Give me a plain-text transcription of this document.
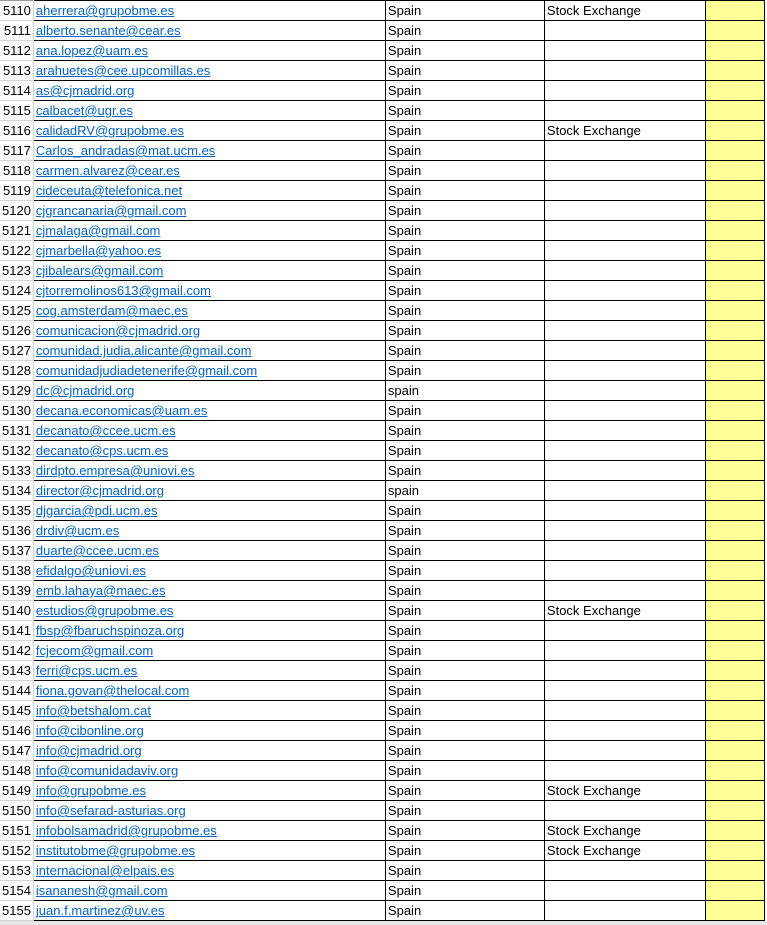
5110	aherrera@grupobme.es	Spain	Stock Exchange	
5111	alberto.senante@cear.es	Spain		
5112	ana.lopez@uam.es	Spain		
5113	arahuetes@cee.upcomillas.es	Spain		
5114	as@cjmadrid.org	Spain		
5115	calbacet@ugr.es	Spain		
5116	calidadRV@grupobme.es	Spain	Stock Exchange	
5117	Carlos_andradas@mat.ucm.es	Spain		
5118	carmen.alvarez@cear.es	Spain		
5119	cideceuta@telefonica.net	Spain		
5120	cjgrancanaria@gmail.com	Spain		
5121	cjmalaga@gmail.com	Spain		
5122	cjmarbella@yahoo.es	Spain		
5123	cjibalears@gmail.com	Spain		
5124	cjtorremolinos613@gmail.com	Spain		
5125	cog.amsterdam@maec.es	Spain		
5126	comunicacion@cjmadrid.org	Spain		
5127	comunidad.judia.alicante@gmail.com	Spain		
5128	comunidadjudiadetenerife@gmail.com	Spain		
5129	dc@cjmadrid.org	spain		
5130	decana.economicas@uam.es	Spain		
5131	decanato@ccee.ucm.es	Spain		
5132	decanato@cps.ucm.es	Spain		
5133	dirdpto.empresa@uniovi.es	Spain		
5134	director@cjmadrid.org	spain		
5135	djgarcia@pdi.ucm.es	Spain		
5136	drdiv@ucm.es	Spain		
5137	duarte@ccee.ucm.es	Spain		
5138	efidalgo@uniovi.es	Spain		
5139	emb.lahaya@maec.es	Spain		
5140	estudios@grupobme.es	Spain	Stock Exchange	
5141	fbsp@fbaruchspinoza.org	Spain		
5142	fcjecom@gmail.com	Spain		
5143	ferri@cps.ucm.es	Spain		
5144	fiona.govan@thelocal.com	Spain		
5145	info@betshalom.cat	Spain		
5146	info@cibonline.org	Spain		
5147	info@cjmadrid.org	Spain		
5148	info@comunidadaviv.org	Spain		
5149	info@grupobme.es	Spain	Stock Exchange	
5150	info@sefarad-asturias.org	Spain		
5151	infobolsamadrid@grupobme.es	Spain	Stock Exchange	
5152	institutobme@grupobme.es	Spain	Stock Exchange	
5153	internacional@elpais.es	Spain		
5154	isananesh@gmail.com	Spain		
5155	juan.f.martinez@uv.es	Spain		
